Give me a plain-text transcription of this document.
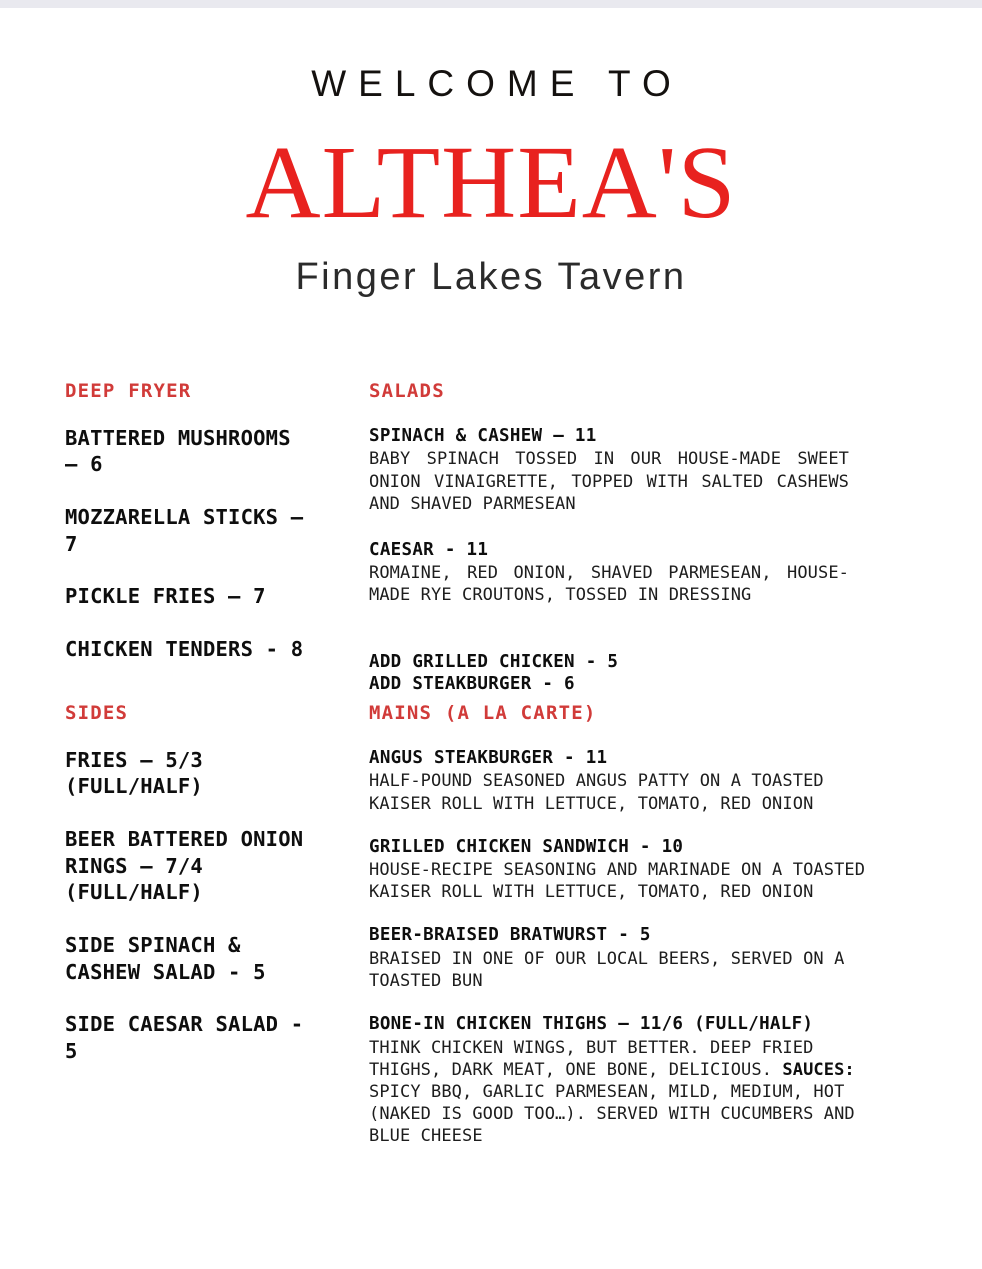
WELCOME TO
ALTHEA'S
Finger Lakes Tavern
DEEP FRYER
BATTERED MUSHROOMS – 6
MOZZARELLA STICKS – 7
PICKLE FRIES – 7
CHICKEN TENDERS - 8
SALADS
SPINACH & CASHEW – 11
BABY SPINACH TOSSED IN OUR HOUSE-MADE SWEET ONION VINAIGRETTE, TOPPED WITH SALTED CASHEWS AND SHAVED PARMESEAN
CAESAR - 11
ROMAINE, RED ONION, SHAVED PARMESEAN, HOUSE-MADE RYE CROUTONS, TOSSED IN DRESSING
ADD GRILLED CHICKEN - 5
ADD STEAKBURGER - 6
SIDES
FRIES – 5/3 (FULL/HALF)
BEER BATTERED ONION RINGS – 7/4 (FULL/HALF)
SIDE SPINACH & CASHEW SALAD - 5
SIDE CAESAR SALAD - 5
MAINS (A LA CARTE)
ANGUS STEAKBURGER - 11
HALF-POUND SEASONED ANGUS PATTY ON A TOASTED KAISER ROLL WITH LETTUCE, TOMATO, RED ONION
GRILLED CHICKEN SANDWICH - 10
HOUSE-RECIPE SEASONING AND MARINADE ON A TOASTED KAISER ROLL WITH LETTUCE, TOMATO, RED ONION
BEER-BRAISED BRATWURST - 5
BRAISED IN ONE OF OUR LOCAL BEERS, SERVED ON A TOASTED BUN
BONE-IN CHICKEN THIGHS – 11/6 (FULL/HALF)
THINK CHICKEN WINGS, BUT BETTER. DEEP FRIED THIGHS, DARK MEAT, ONE BONE, DELICIOUS. SAUCES: SPICY BBQ, GARLIC PARMESEAN, MILD, MEDIUM, HOT (NAKED IS GOOD TOO…). SERVED WITH CUCUMBERS AND BLUE CHEESE
